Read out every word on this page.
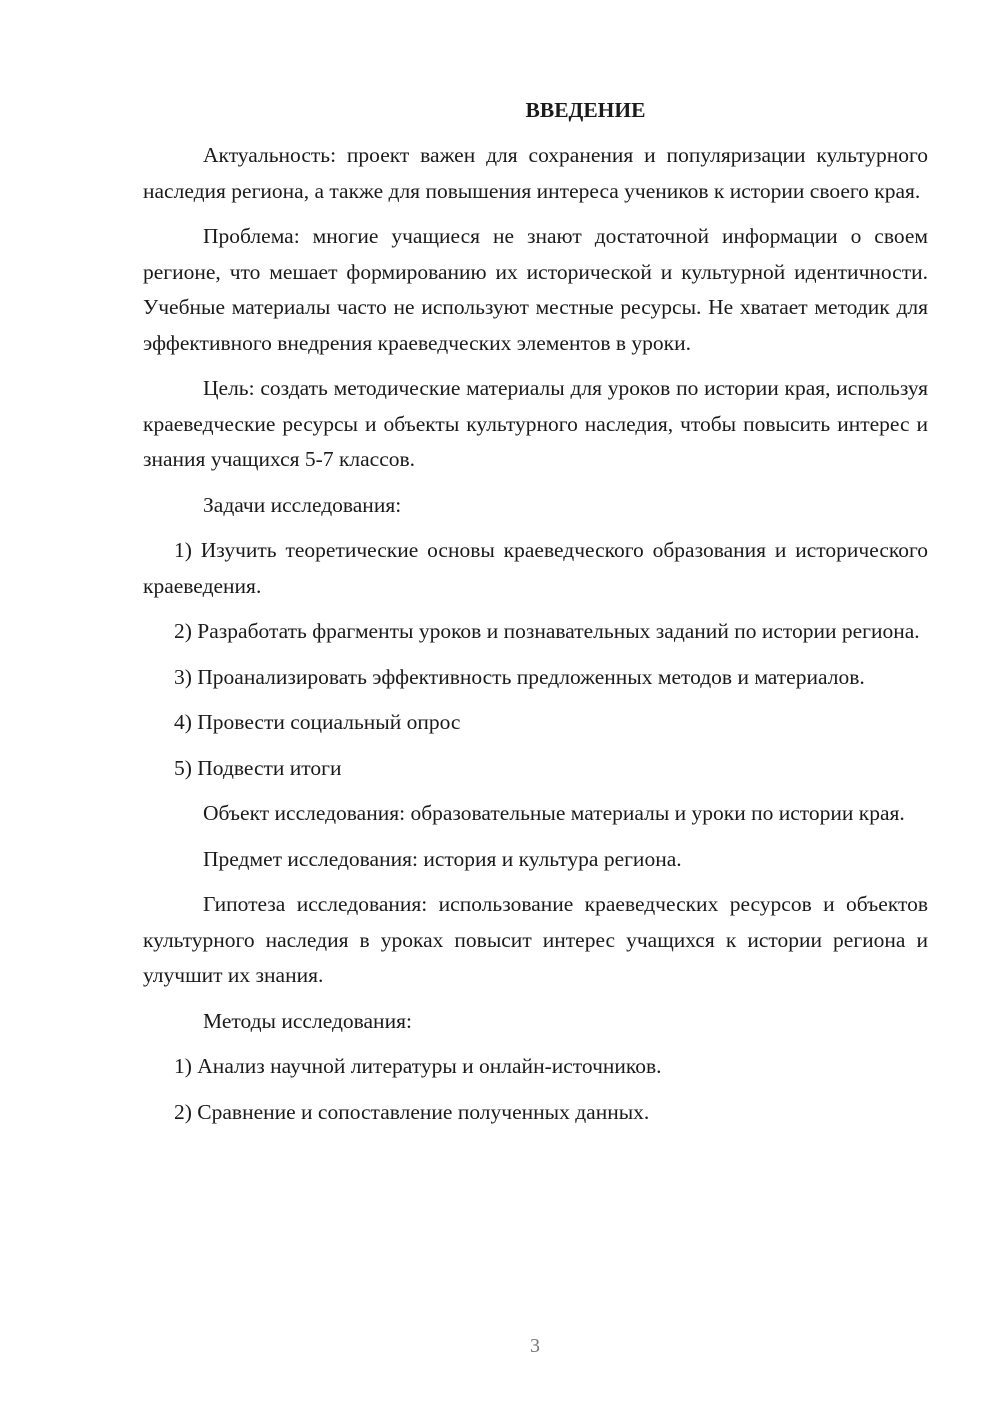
ВВЕДЕНИЕ

Актуальность: проект важен для сохранения и популяризации культурного наследия региона, а также для повышения интереса учеников к истории своего края.

Проблема: многие учащиеся не знают достаточной информации о своем регионе, что мешает формированию их исторической и культурной идентичности. Учебные материалы часто не используют местные ресурсы. Не хватает методик для эффективного внедрения краеведческих элементов в уроки.

Цель: создать методические материалы для уроков по истории края, используя краеведческие ресурсы и объекты культурного наследия, чтобы повысить интерес и знания учащихся 5-7 классов.

Задачи исследования:

1) Изучить теоретические основы краеведческого образования и исторического краеведения.

2) Разработать фрагменты уроков и познавательных заданий по истории региона.

3) Проанализировать эффективность предложенных методов и материалов.

4) Провести социальный опрос

5) Подвести итоги

Объект исследования: образовательные материалы и уроки по истории края.

Предмет исследования: история и культура региона.

Гипотеза исследования: использование краеведческих ресурсов и объектов культурного наследия в уроках повысит интерес учащихся к истории региона и улучшит их знания.

Методы исследования:

1) Анализ научной литературы и онлайн-источников.

2) Сравнение и сопоставление полученных данных.

3
